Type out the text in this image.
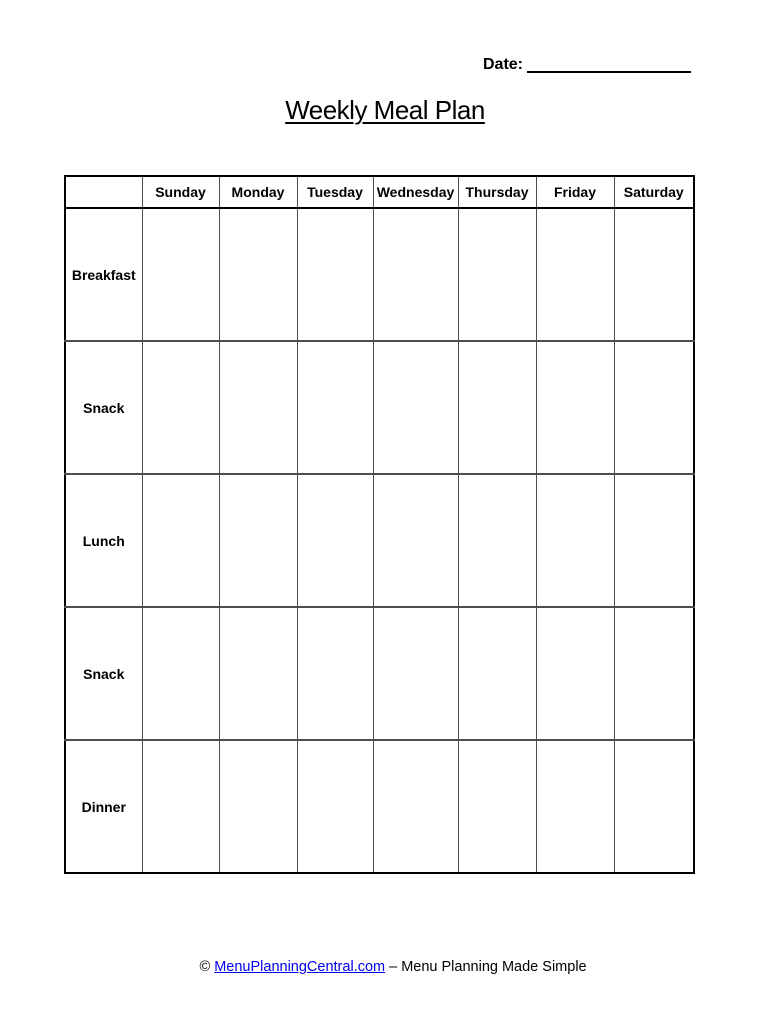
Date:
Weekly Meal Plan
	Sunday	Monday	Tuesday	Wednesday	Thursday	Friday	Saturday
Breakfast							
Snack							
Lunch							
Snack							
Dinner							

© MenuPlanningCentral.com – Menu Planning Made Simple
